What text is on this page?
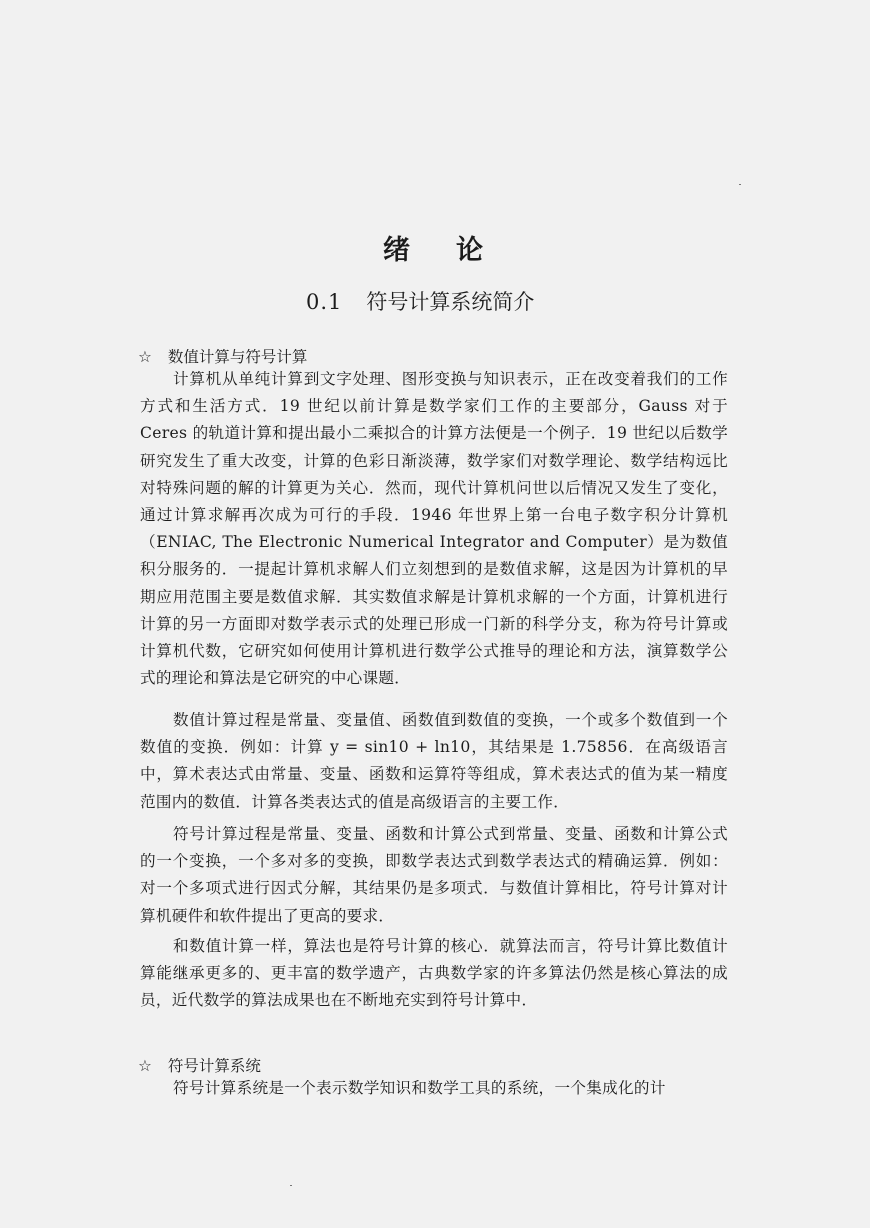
绪论
0.1 符号计算系统简介
☆ 数值计算与符号计算

计算机从单纯计算到文字处理、图形变换与知识表示，正在改变着我们的工作方式和生活方式．19 世纪以前计算是数学家们工作的主要部分，Gauss 对于 Ceres 的轨道计算和提出最小二乘拟合的计算方法便是一个例子．19 世纪以后数学研究发生了重大改变，计算的色彩日渐淡薄，数学家们对数学理论、数学结构远比对特殊问题的解的计算更为关心．然而，现代计算机问世以后情况又发生了变化，通过计算求解再次成为可行的手段．1946 年世界上第一台电子数字积分计算机（ENIAC, The Electronic Numerical Integrator and Computer）是为数值积分服务的．一提起计算机求解人们立刻想到的是数值求解，这是因为计算机的早期应用范围主要是数值求解．其实数值求解是计算机求解的一个方面，计算机进行计算的另一方面即对数学表示式的处理已形成一门新的科学分支，称为符号计算或计算机代数，它研究如何使用计算机进行数学公式推导的理论和方法，演算数学公式的理论和算法是它研究的中心课题．

数值计算过程是常量、变量值、函数值到数值的变换，一个或多个数值到一个数值的变换．例如：计算 y = sin10 + ln10，其结果是 1.75856．在高级语言中，算术表达式由常量、变量、函数和运算符等组成，算术表达式的值为某一精度范围内的数值．计算各类表达式的值是高级语言的主要工作．

符号计算过程是常量、变量、函数和计算公式到常量、变量、函数和计算公式的一个变换，一个多对多的变换，即数学表达式到数学表达式的精确运算．例如：对一个多项式进行因式分解，其结果仍是多项式．与数值计算相比，符号计算对计算机硬件和软件提出了更高的要求．

和数值计算一样，算法也是符号计算的核心．就算法而言，符号计算比数值计算能继承更多的、更丰富的数学遗产，古典数学家的许多算法仍然是核心算法的成员，近代数学的算法成果也在不断地充实到符号计算中．

☆ 符号计算系统

符号计算系统是一个表示数学知识和数学工具的系统，一个集成化的计
